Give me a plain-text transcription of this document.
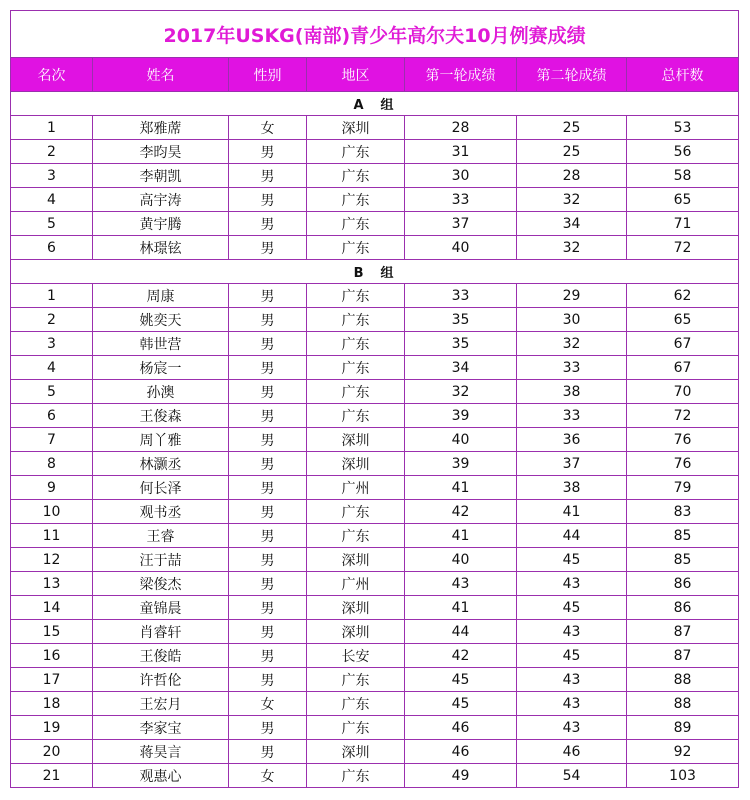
2017年USKG(南部)青少年高尔夫10月例赛成绩						
名次	姓名	性别	地区	第一轮成绩	第二轮成绩	总杆数
A　组						
1	郑雅蓆	女	深圳	28	25	53
2	李昀昊	男	广东	31	25	56
3	李朝凯	男	广东	30	28	58
4	高宇涛	男	广东	33	32	65
5	黄宇腾	男	广东	37	34	71
6	林璟铉	男	广东	40	32	72
B　组						
1	周康	男	广东	33	29	62
2	姚奕天	男	广东	35	30	65
3	韩世营	男	广东	35	32	67
4	杨宸一	男	广东	34	33	67
5	孙澳	男	广东	32	38	70
6	王俊森	男	广东	39	33	72
7	周丫雅	男	深圳	40	36	76
8	林灏丞	男	深圳	39	37	76
9	何长泽	男	广州	41	38	79
10	观书丞	男	广东	42	41	83
11	王睿	男	广东	41	44	85
12	汪于喆	男	深圳	40	45	85
13	梁俊杰	男	广州	43	43	86
14	童锦晨	男	深圳	41	45	86
15	肖睿轩	男	深圳	44	43	87
16	王俊皓	男	长安	42	45	87
17	许哲伦	男	广东	45	43	88
18	王宏月	女	广东	45	43	88
19	李家宝	男	广东	46	43	89
20	蒋昊言	男	深圳	46	46	92
21	观惠心	女	广东	49	54	103
